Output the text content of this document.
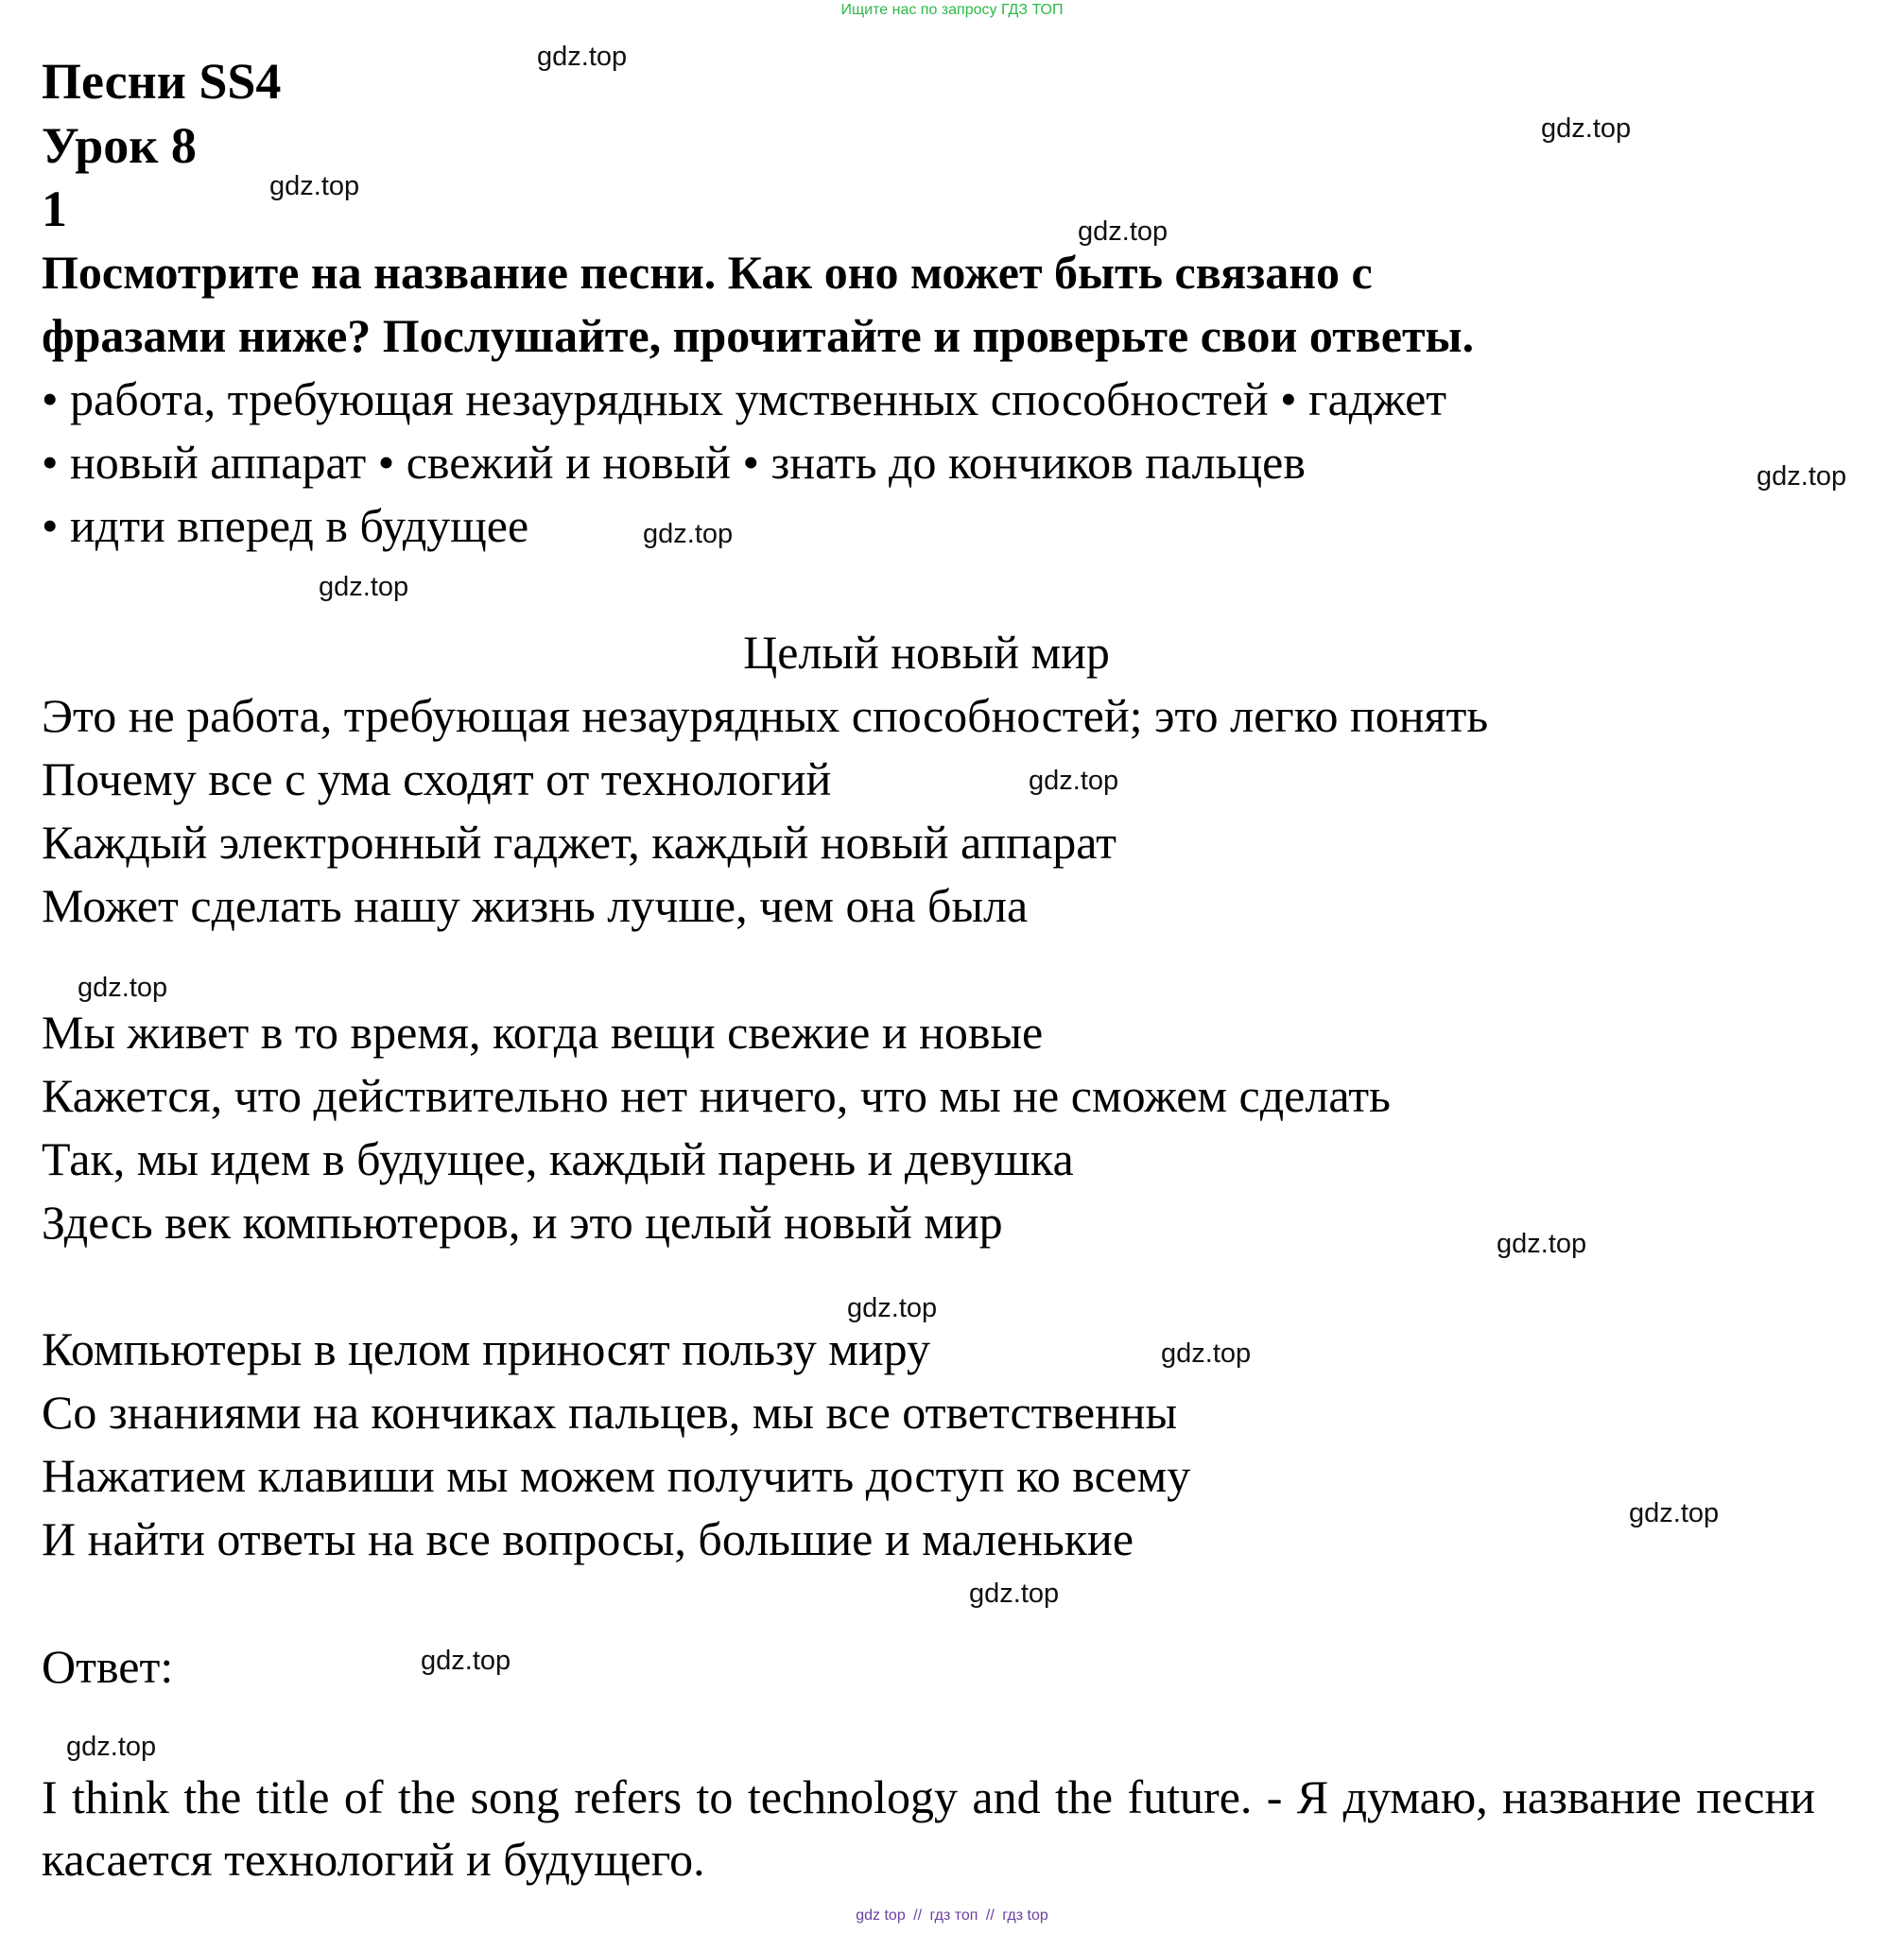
Ищите нас по запросу ГДЗ ТОП
Песни SS4
Урок 8
1
Посмотрите на название песни. Как оно может быть связано с
фразами ниже? Послушайте, прочитайте и проверьте свои ответы.
• работа, требующая незаурядных умственных способностей • гаджет
• новый аппарат • свежий и новый • знать до кончиков пальцев
• идти вперед в будущее
Целый новый мир
Это не работа, требующая незаурядных способностей; это легко понять
Почему все с ума сходят от технологий
Каждый электронный гаджет, каждый новый аппарат
Может сделать нашу жизнь лучше, чем она была
Мы живет в то время, когда вещи свежие и новые
Кажется, что действительно нет ничего, что мы не сможем сделать
Так, мы идем в будущее, каждый парень и девушка
Здесь век компьютеров, и это целый новый мир
Компьютеры в целом приносят пользу миру
Со знаниями на кончиках пальцев, мы все ответственны
Нажатием клавиши мы можем получить доступ ко всему
И найти ответы на все вопросы, большие и маленькие
Ответ:
I think the title of the song refers to technology and the future. - Я думаю, название песни касается технологий и будущего.
gdz.top
gdz.top
gdz.top
gdz.top
gdz.top
gdz.top
gdz.top
gdz.top
gdz.top
gdz.top
gdz.top
gdz.top
gdz.top
gdz.top
gdz.top
gdz.top
gdz top // гдз топ // гдз top
